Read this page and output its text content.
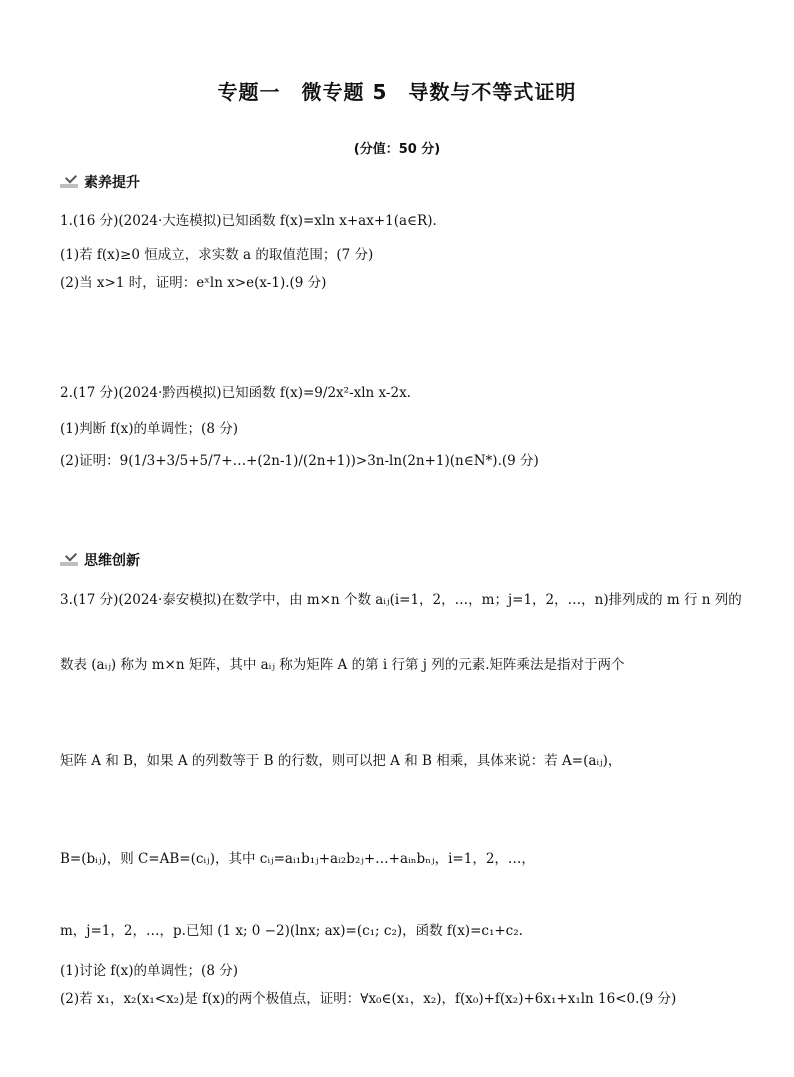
专题一　微专题 5　导数与不等式证明
(分值：50 分)
素养提升
1.(16 分)(2024·大连模拟)已知函数 f(x)=xln x+ax+1(a∈R).
(1)若 f(x)≥0 恒成立，求实数 a 的取值范围；(7 分)
(2)当 x>1 时，证明：eˣln x>e(x-1).(9 分)
2.(17 分)(2024·黔西模拟)已知函数 f(x)=9/2x²-xln x-2x.
(1)判断 f(x)的单调性；(8 分)
(2)证明：9(1/3+3/5+5/7+…+(2n-1)/(2n+1))>3n-ln(2n+1)(n∈N*).(9 分)
思维创新
3.(17 分)(2024·泰安模拟)在数学中，由 m×n 个数 aᵢⱼ(i=1，2，…，m；j=1，2，…，n)排列成的 m 行 n 列的
数表 (aᵢⱼ) 称为 m×n 矩阵，其中 aᵢⱼ 称为矩阵 A 的第 i 行第 j 列的元素.矩阵乘法是指对于两个
矩阵 A 和 B，如果 A 的列数等于 B 的行数，则可以把 A 和 B 相乘，具体来说：若 A=(aᵢⱼ)，
B=(bᵢⱼ)，则 C=AB=(cᵢⱼ)，其中 cᵢⱼ=aᵢ₁b₁ⱼ+aᵢ₂b₂ⱼ+…+aᵢₙbₙⱼ，i=1，2，…，
m，j=1，2，…，p.已知 (1 x; 0 −2)(lnx; ax)=(c₁; c₂)，函数 f(x)=c₁+c₂.
(1)讨论 f(x)的单调性；(8 分)
(2)若 x₁，x₂(x₁<x₂)是 f(x)的两个极值点，证明：∀x₀∈(x₁，x₂)，f(x₀)+f(x₂)+6x₁+x₁ln 16<0.(9 分)
